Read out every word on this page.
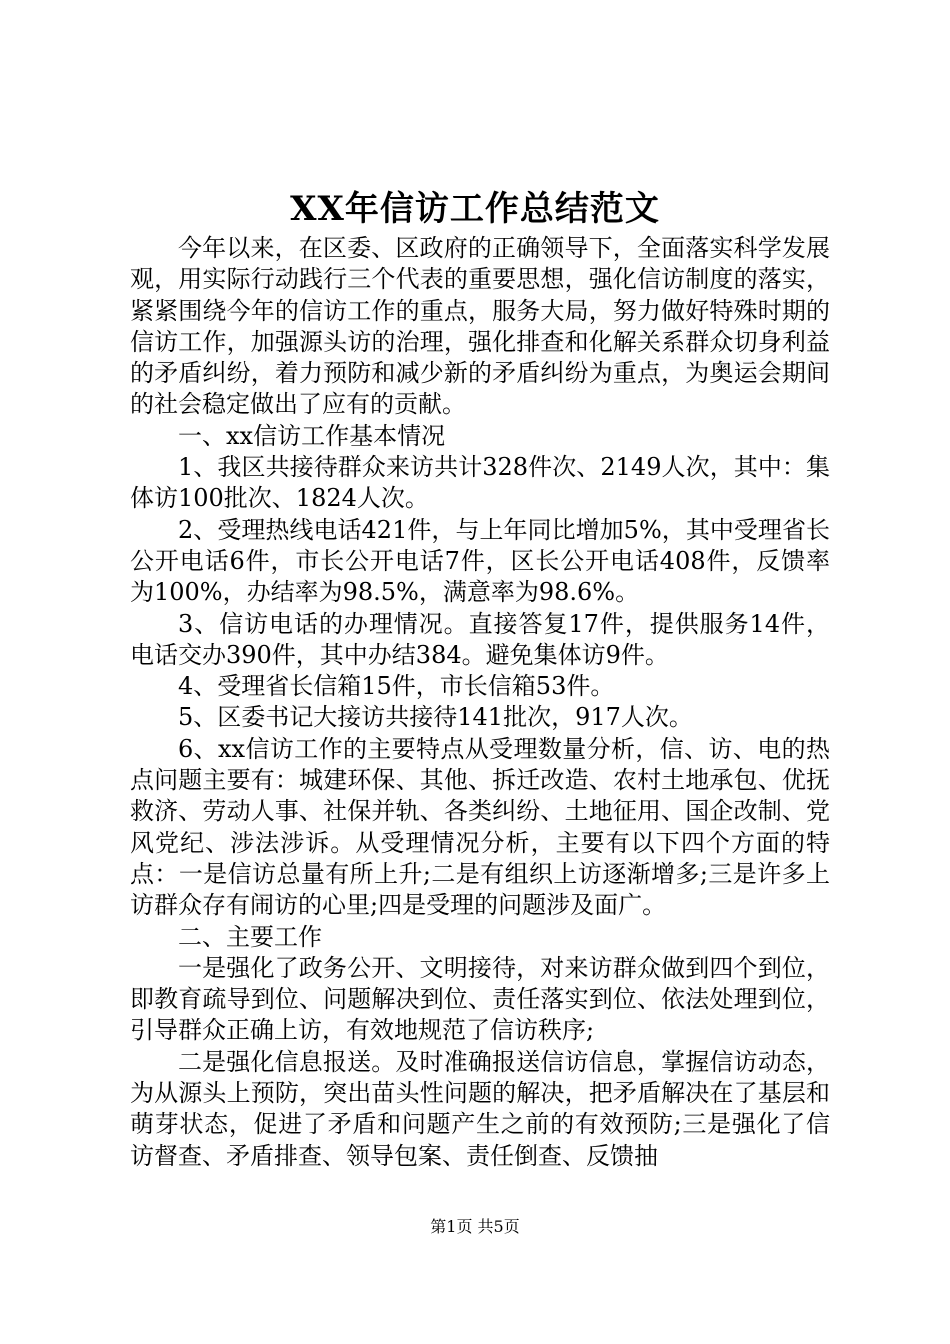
XX年信访工作总结范文

今年以来，在区委、区政府的正确领导下，全面落实科学发展观，用实际行动践行三个代表的重要思想，强化信访制度的落实，紧紧围绕今年的信访工作的重点，服务大局，努力做好特殊时期的信访工作，加强源头访的治理，强化排查和化解关系群众切身利益的矛盾纠纷，着力预防和减少新的矛盾纠纷为重点，为奥运会期间的社会稳定做出了应有的贡献。

一、xx信访工作基本情况

1、我区共接待群众来访共计328件次、2149人次，其中：集体访100批次、1824人次。

2、受理热线电话421件，与上年同比增加5%，其中受理省长公开电话6件，市长公开电话7件，区长公开电话408件，反馈率为100%，办结率为98.5%，满意率为98.6%。

3、信访电话的办理情况。直接答复17件，提供服务14件，电话交办390件，其中办结384。避免集体访9件。

4、受理省长信箱15件，市长信箱53件。

5、区委书记大接访共接待141批次，917人次。

6、xx信访工作的主要特点从受理数量分析，信、访、电的热点问题主要有：城建环保、其他、拆迁改造、农村土地承包、优抚救济、劳动人事、社保并轨、各类纠纷、土地征用、国企改制、党风党纪、涉法涉诉。从受理情况分析，主要有以下四个方面的特点：一是信访总量有所上升;二是有组织上访逐渐增多;三是许多上访群众存有闹访的心里;四是受理的问题涉及面广。

二、主要工作

一是强化了政务公开、文明接待，对来访群众做到四个到位，即教育疏导到位、问题解决到位、责任落实到位、依法处理到位，引导群众正确上访，有效地规范了信访秩序;

二是强化信息报送。及时准确报送信访信息，掌握信访动态，为从源头上预防，突出苗头性问题的解决，把矛盾解决在了基层和萌芽状态，促进了矛盾和问题产生之前的有效预防;三是强化了信访督查、矛盾排查、领导包案、责任倒查、反馈抽

第1页 共5页
